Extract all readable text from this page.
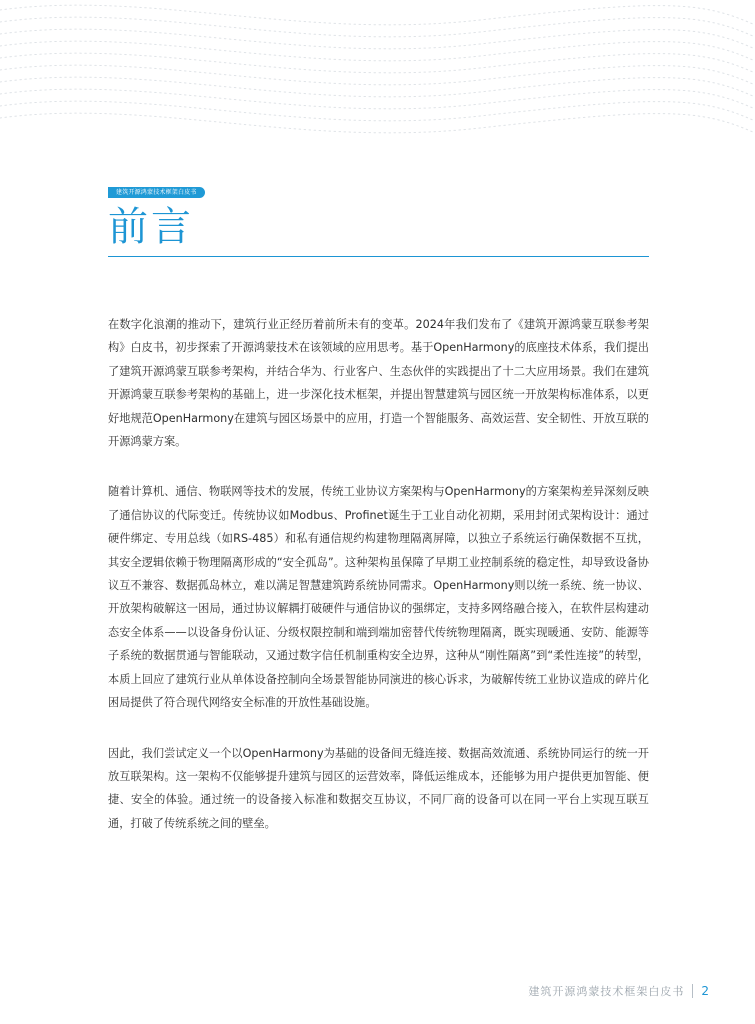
建筑开源鸿蒙技术框架白皮书
前言

在数字化浪潮的推动下，建筑行业正经历着前所未有的变革。2024年我们发布了《建筑开源鸿蒙互联参考架构》白皮书，初步探索了开源鸿蒙技术在该领域的应用思考。基于OpenHarmony的底座技术体系，我们提出了建筑开源鸿蒙互联参考架构，并结合华为、行业客户、生态伙伴的实践提出了十二大应用场景。我们在建筑开源鸿蒙互联参考架构的基础上，进一步深化技术框架，并提出智慧建筑与园区统一开放架构标准体系，以更好地规范OpenHarmony在建筑与园区场景中的应用，打造一个智能服务、高效运营、安全韧性、开放互联的开源鸿蒙方案。

随着计算机、通信、物联网等技术的发展，传统工业协议方案架构与OpenHarmony的方案架构差异深刻反映了通信协议的代际变迁。传统协议如Modbus、Profinet诞生于工业自动化初期，采用封闭式架构设计：通过硬件绑定、专用总线（如RS-485）和私有通信规约构建物理隔离屏障，以独立子系统运行确保数据不互扰，其安全逻辑依赖于物理隔离形成的“安全孤岛”。这种架构虽保障了早期工业控制系统的稳定性，却导致设备协议互不兼容、数据孤岛林立，难以满足智慧建筑跨系统协同需求。OpenHarmony则以统一系统、统一协议、开放架构破解这一困局，通过协议解耦打破硬件与通信协议的强绑定，支持多网络融合接入，在软件层构建动态安全体系——以设备身份认证、分级权限控制和端到端加密替代传统物理隔离，既实现暖通、安防、能源等子系统的数据贯通与智能联动，又通过数字信任机制重构安全边界，这种从“刚性隔离”到“柔性连接”的转型，本质上回应了建筑行业从单体设备控制向全场景智能协同演进的核心诉求，为破解传统工业协议造成的碎片化困局提供了符合现代网络安全标准的开放性基础设施。

因此，我们尝试定义一个以OpenHarmony为基础的设备间无缝连接、数据高效流通、系统协同运行的统一开放互联架构。这一架构不仅能够提升建筑与园区的运营效率，降低运维成本，还能够为用户提供更加智能、便捷、安全的体验。通过统一的设备接入标准和数据交互协议，不同厂商的设备可以在同一平台上实现互联互通，打破了传统系统之间的壁垒。

建筑开源鸿蒙技术框架白皮书 2
